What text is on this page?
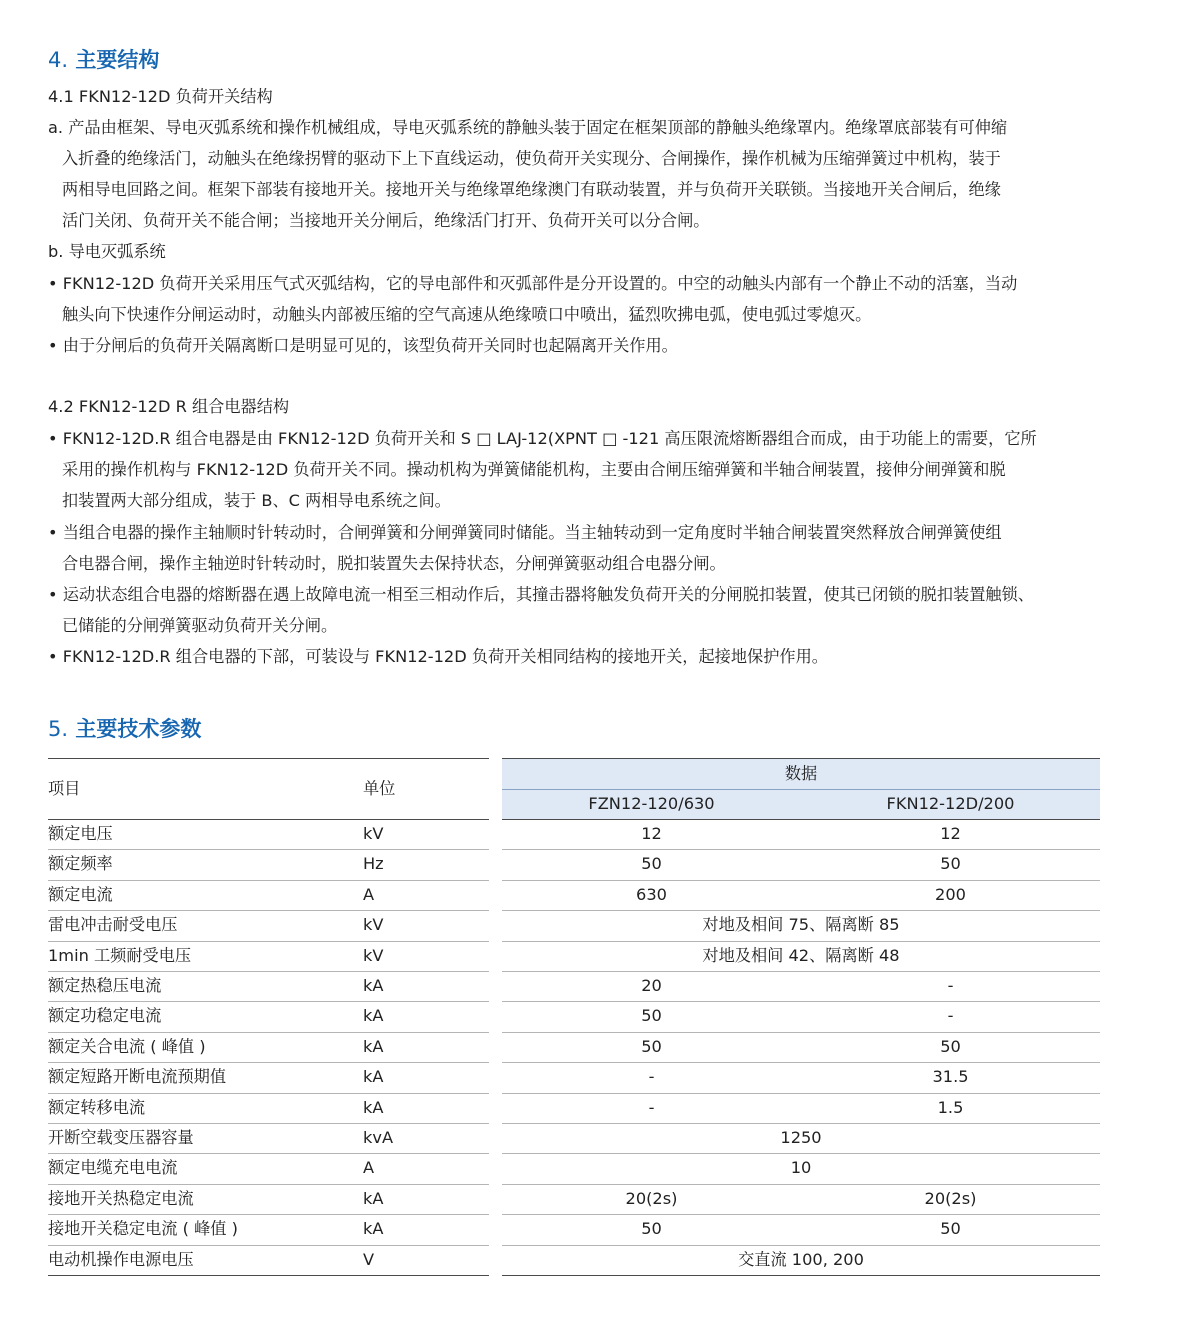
4. 主要结构
4.1 FKN12-12D 负荷开关结构
a. 产品由框架、导电灭弧系统和操作机械组成，导电灭弧系统的静触头装于固定在框架顶部的静触头绝缘罩内。绝缘罩底部装有可伸缩
入折叠的绝缘活门，动触头在绝缘拐臂的驱动下上下直线运动，使负荷开关实现分、合闸操作，操作机械为压缩弹簧过中机构，装于
两相导电回路之间。框架下部装有接地开关。接地开关与绝缘罩绝缘澳门有联动装置，并与负荷开关联锁。当接地开关合闸后，绝缘
活门关闭、负荷开关不能合闸；当接地开关分闸后，绝缘活门打开、负荷开关可以分合闸。
b. 导电灭弧系统
• FKN12-12D 负荷开关采用压气式灭弧结构，它的导电部件和灭弧部件是分开设置的。中空的动触头内部有一个静止不动的活塞，当动
触头向下快速作分闸运动时，动触头内部被压缩的空气高速从绝缘喷口中喷出，猛烈吹拂电弧，使电弧过零熄灭。
• 由于分闸后的负荷开关隔离断口是明显可见的，该型负荷开关同时也起隔离开关作用。
4.2 FKN12-12D R 组合电器结构
• FKN12-12D.R 组合电器是由 FKN12-12D 负荷开关和 S □ LAJ-12(XPNT □ -121 高压限流熔断器组合而成，由于功能上的需要，它所
采用的操作机构与 FKN12-12D 负荷开关不同。操动机构为弹簧储能机构，主要由合闸压缩弹簧和半轴合闸装置，接伸分闸弹簧和脱
扣装置两大部分组成，装于 B、C 两相导电系统之间。
• 当组合电器的操作主轴顺时针转动时，合闸弹簧和分闸弹簧同时储能。当主轴转动到一定角度时半轴合闸装置突然释放合闸弹簧使组
合电器合闸，操作主轴逆时针转动时，脱扣装置失去保持状态，分闸弹簧驱动组合电器分闸。
• 运动状态组合电器的熔断器在遇上故障电流一相至三相动作后，其撞击器将触发负荷开关的分闸脱扣装置，使其已闭锁的脱扣装置触锁、
已储能的分闸弹簧驱动负荷开关分闸。
• FKN12-12D.R 组合电器的下部，可装设与 FKN12-12D 负荷开关相同结构的接地开关，起接地保护作用。
5. 主要技术参数
项目	单位
数据
FZN12-120/630	FKN12-12D/200
额定电压	kV	12	12
额定频率	Hz	50	50
额定电流	A	630	200
雷电冲击耐受电压	kV	对地及相间 75、隔离断 85
1min 工频耐受电压	kV	对地及相间 42、隔离断 48
额定热稳压电流	kA	20	-
额定功稳定电流	kA	50	-
额定关合电流 ( 峰值 )	kA	50	50
额定短路开断电流预期值	kA	-	31.5
额定转移电流	kA	-	1.5
开断空载变压器容量	kvA	1250
额定电缆充电电流	A	10
接地开关热稳定电流	kA	20(2s)	20(2s)
接地开关稳定电流 ( 峰值 )	kA	50	50
电动机操作电源电压	V	交直流 100, 200
